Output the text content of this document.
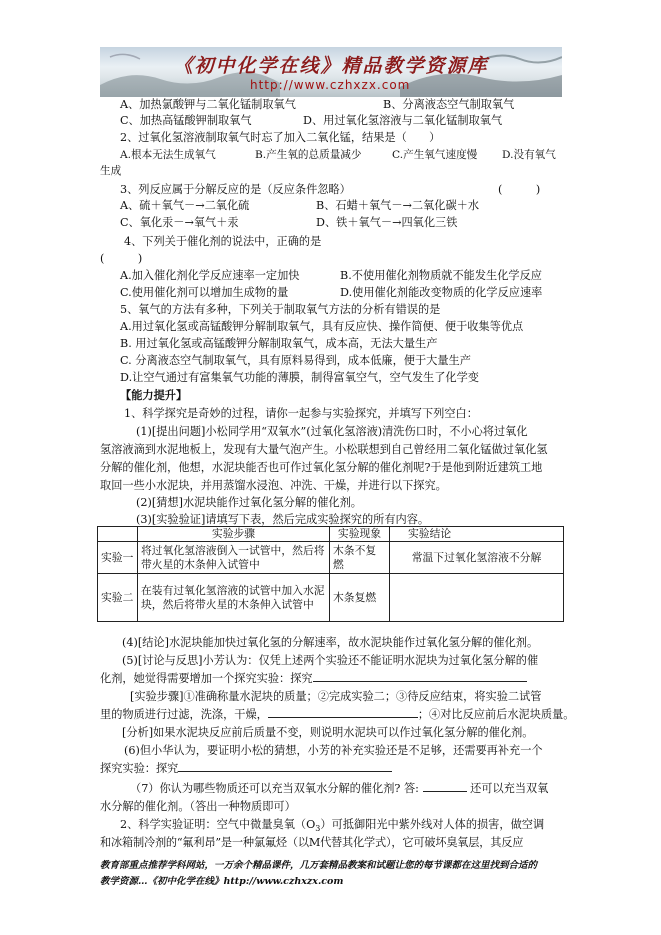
《初中化学在线》精品教学资源库
http://www.czhxzx.com
A、加热氯酸钾与二氧化锰制取氧气	B、分离液态空气制取氧气
C、加热高锰酸钾制取氧气	D、用过氧化氢溶液与二氧化锰制取氧气
2、过氧化氢溶液制取氧气时忘了加入二氧化锰，结果是（　　）
A.根本无法生成氧气	B.产生氧的总质量减少	C.产生氧气速度慢 D.没有氧气
生成
3、列反应属于分解反应的是（反应条件忽略）	(　　　)
A、硫＋氧气－→二氧化硫	B、石蜡＋氧气－→二氧化碳＋水
C、氧化汞－→氧气＋汞	D、铁＋氧气－→四氧化三铁
4、下列关于催化剂的说法中，正确的是
(　　　)
A.加入催化剂化学反应速率一定加快	B.不使用催化剂物质就不能发生化学反应
C.使用催化剂可以增加生成物的量	D.使用催化剂能改变物质的化学反应速率
5、氧气的方法有多种，下列关于制取氧气方法的分析有错误的是
A.用过氧化氢或高锰酸钾分解制取氧气，具有反应快、操作简便、便于收集等优点
B. 用过氧化氢或高锰酸钾分解制取氧气，成本高，无法大量生产
C. 分离液态空气制取氧气，具有原料易得到，成本低廉，便于大量生产
D.让空气通过有富集氧气功能的薄膜，制得富氧空气，空气发生了化学变
【能力提升】
1、科学探究是奇妙的过程，请你一起参与实验探究，并填写下列空白：
(1)[提出问题]小松同学用“双氧水”(过氧化氢溶液)清洗伤口时，不小心将过氧化
氢溶液滴到水泥地板上，发现有大量气泡产生。小松联想到自己曾经用二氧化锰做过氧化氢
分解的催化剂，他想，水泥块能否也可作过氧化氢分解的催化剂呢?于是他到附近建筑工地
取回一些小水泥块，并用蒸馏水浸泡、冲洗、干燥，并进行以下探究。
(2)[猜想]水泥块能作过氧化氢分解的催化剂。
(3)[实验验证]请填写下表，然后完成实验探究的所有内容。
	实验步骤	实验现象	实验结论
实验一	将过氧化氢溶液倒入一试管中，然后将带火星的木条伸入试管中	木条不复燃	常温下过氧化氢溶液不分解
实验二	在装有过氧化氢溶液的试管中加入水泥块，然后将带火星的木条伸入试管中	木条复燃	
(4)[结论]水泥块能加快过氧化氢的分解速率，故水泥块能作过氧化氢分解的催化剂。
(5)[讨论与反思]小芳认为：仅凭上述两个实验还不能证明水泥块为过氧化氢分解的催
化剂，她觉得需要增加一个探究实验：探究
[实验步骤]①准确称量水泥块的质量；②完成实验二；③待反应结束，将实验二试管
里的物质进行过滤，洗涤，干燥，	；④对比反应前后水泥块质量。
[分析]如果水泥块反应前后质量不变，则说明水泥块可以作过氧化氢分解的催化剂。
(6)但小华认为，要证明小松的猜想，小芳的补充实验还是不足够，还需要再补充一个
探究实验：探究
（7）你认为哪些物质还可以充当双氧水分解的催化剂? 答:	还可以充当双氧
水分解的催化剂。（答出一种物质即可）
2、科学实验证明：空气中微量臭氧$(O_3)$可抵御阳光中紫外线对人体的损害，做空调
和冰箱制冷剂的“氟利昂”是一种氯氟烃（以M代替其化学式），它可破坏臭氧层，其反应
教育部重点推荐学科网站，一万余个精品课件，几万套精品教案和试题让您的每节课都在这里找到合适的
教学资源…《初中化学在线》http://www.czhxzx.com
